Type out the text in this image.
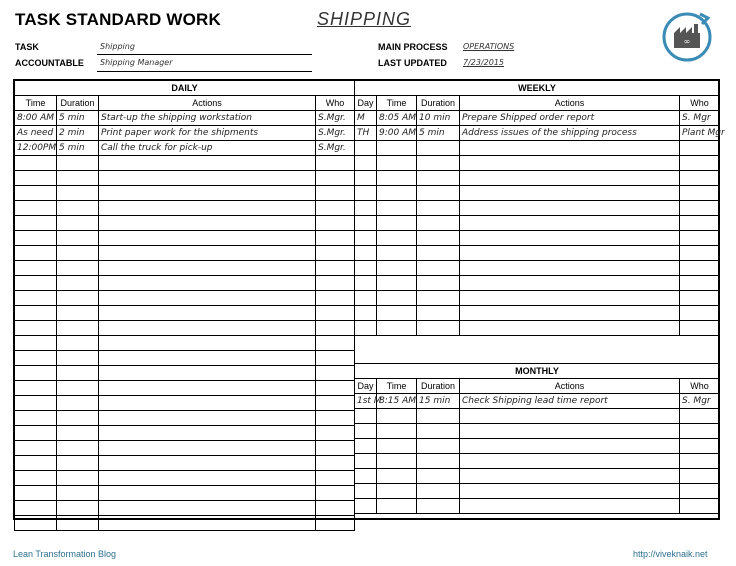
TASK STANDARD WORK	SHIPPING
TASK	Shipping
ACCOUNTABLE Shipping Manager
MAIN PROCESS OPERATIONS
LAST UPDATED 7/23/2015
∞
DAILY			
Time	Duration	Actions	Who
8:00 AM	5 min	Start-up the shipping workstation	S.Mgr.
As need	2 min	Print paper work for the shipments	S.Mgr.
12:00PM	5 min	Call the truck for pick-up	S.Mgr.

WEEKLY				
Day	Time	Duration	Actions	Who
M	8:05 AM	10 min	Prepare Shipped order report	S. Mgr
TH	9:00 AM	5 min	Address issues of the shipping process	Plant Mgr

MONTHLY				
Day	Time	Duration	Actions	Who
1st M	8:15 AM	15 min	Check Shipping lead time report	S. Mgr

Lean Transformation Blog	http://viveknaik.net
